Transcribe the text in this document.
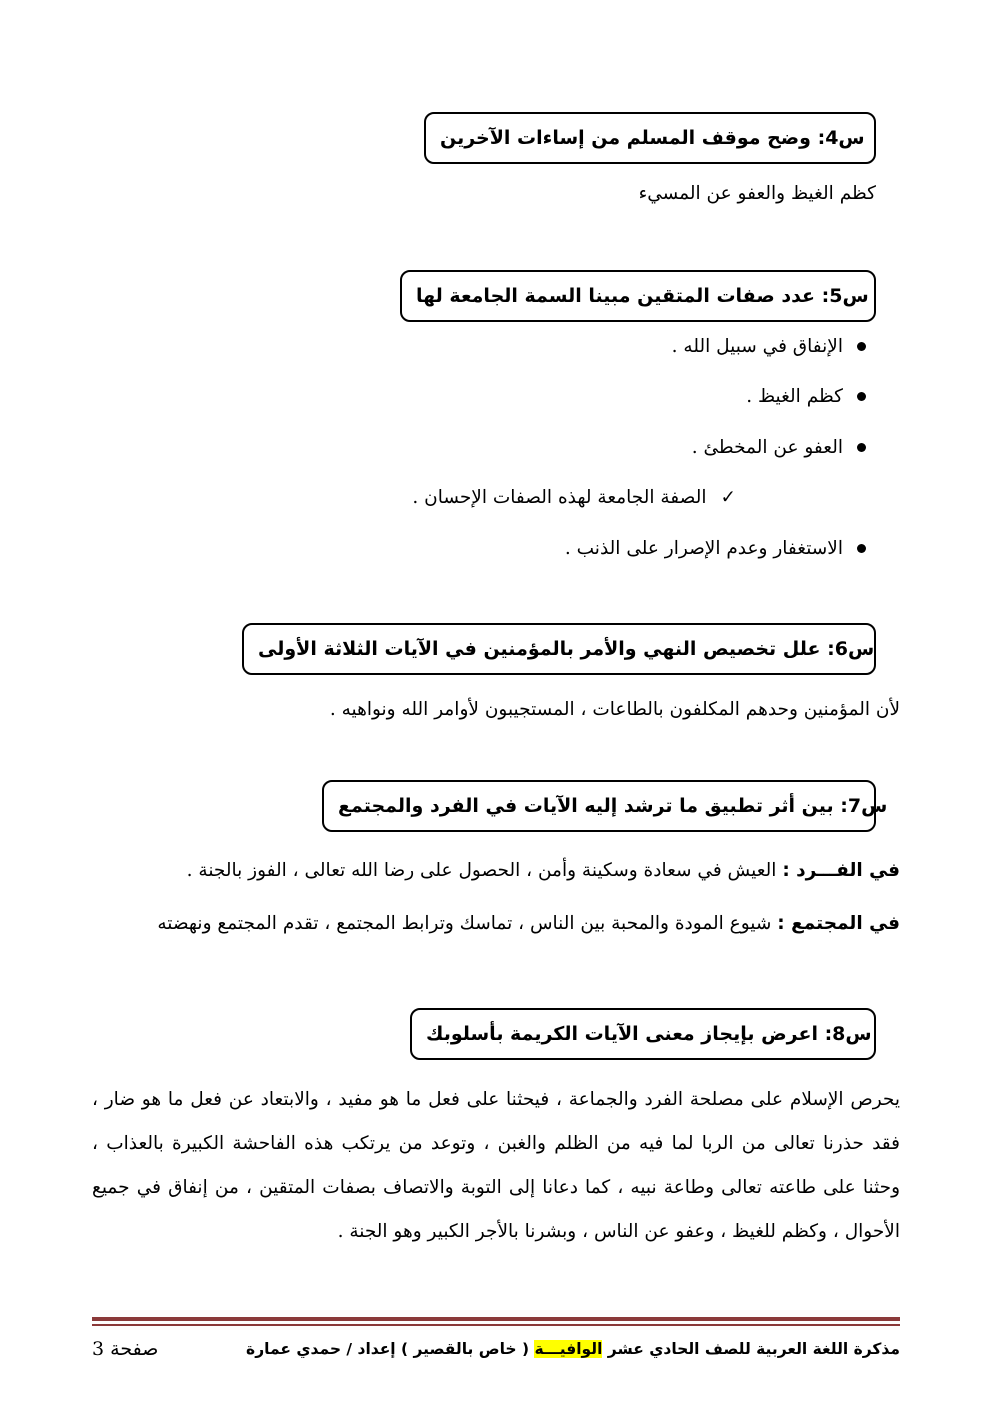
س4: وضح موقف المسلم من إساءات الآخرين
كظم الغيظ والعفو عن المسيء
س5: عدد صفات المتقين مبينا السمة الجامعة لها
الإنفاق في سبيل الله .
كظم الغيظ .
العفو عن المخطئ .
✓
الصفة الجامعة لهذه الصفات الإحسان .
الاستغفار وعدم الإصرار على الذنب .
س6: علل تخصيص النهي والأمر بالمؤمنين في الآيات الثلاثة الأولى
لأن المؤمنين وحدهم المكلفون بالطاعات ، المستجيبون لأوامر الله ونواهيه .
س7: بين أثر تطبيق ما ترشد إليه الآيات في الفرد والمجتمع
في الفـــرد : العيش في سعادة وسكينة وأمن ، الحصول على رضا الله تعالى ، الفوز بالجنة .
في المجتمع : شيوع المودة والمحبة بين الناس ، تماسك وترابط المجتمع ، تقدم المجتمع ونهضته
س8: اعرض بإيجاز معنى الآيات الكريمة بأسلوبك
يحرص الإسلام على مصلحة الفرد والجماعة ، فيحثنا على فعل ما هو مفيد ، والابتعاد عن فعل ما هو ضار ، فقد حذرنا تعالى من الربا لما فيه من الظلم والغبن ، وتوعد من يرتكب هذه الفاحشة الكبيرة بالعذاب ، وحثنا على طاعته تعالى وطاعة نبيه ، كما دعانا إلى التوبة والاتصاف بصفات المتقين ، من إنفاق في جميع الأحوال ، وكظم للغيظ ، وعفو عن الناس ، وبشرنا بالأجر الكبير وهو الجنة .
مذكرة اللغة العربية للصف الحادي عشر الوافيـــة ( خاص بالقصير ) إعداد / حمدي عمارة
صفحة 3
